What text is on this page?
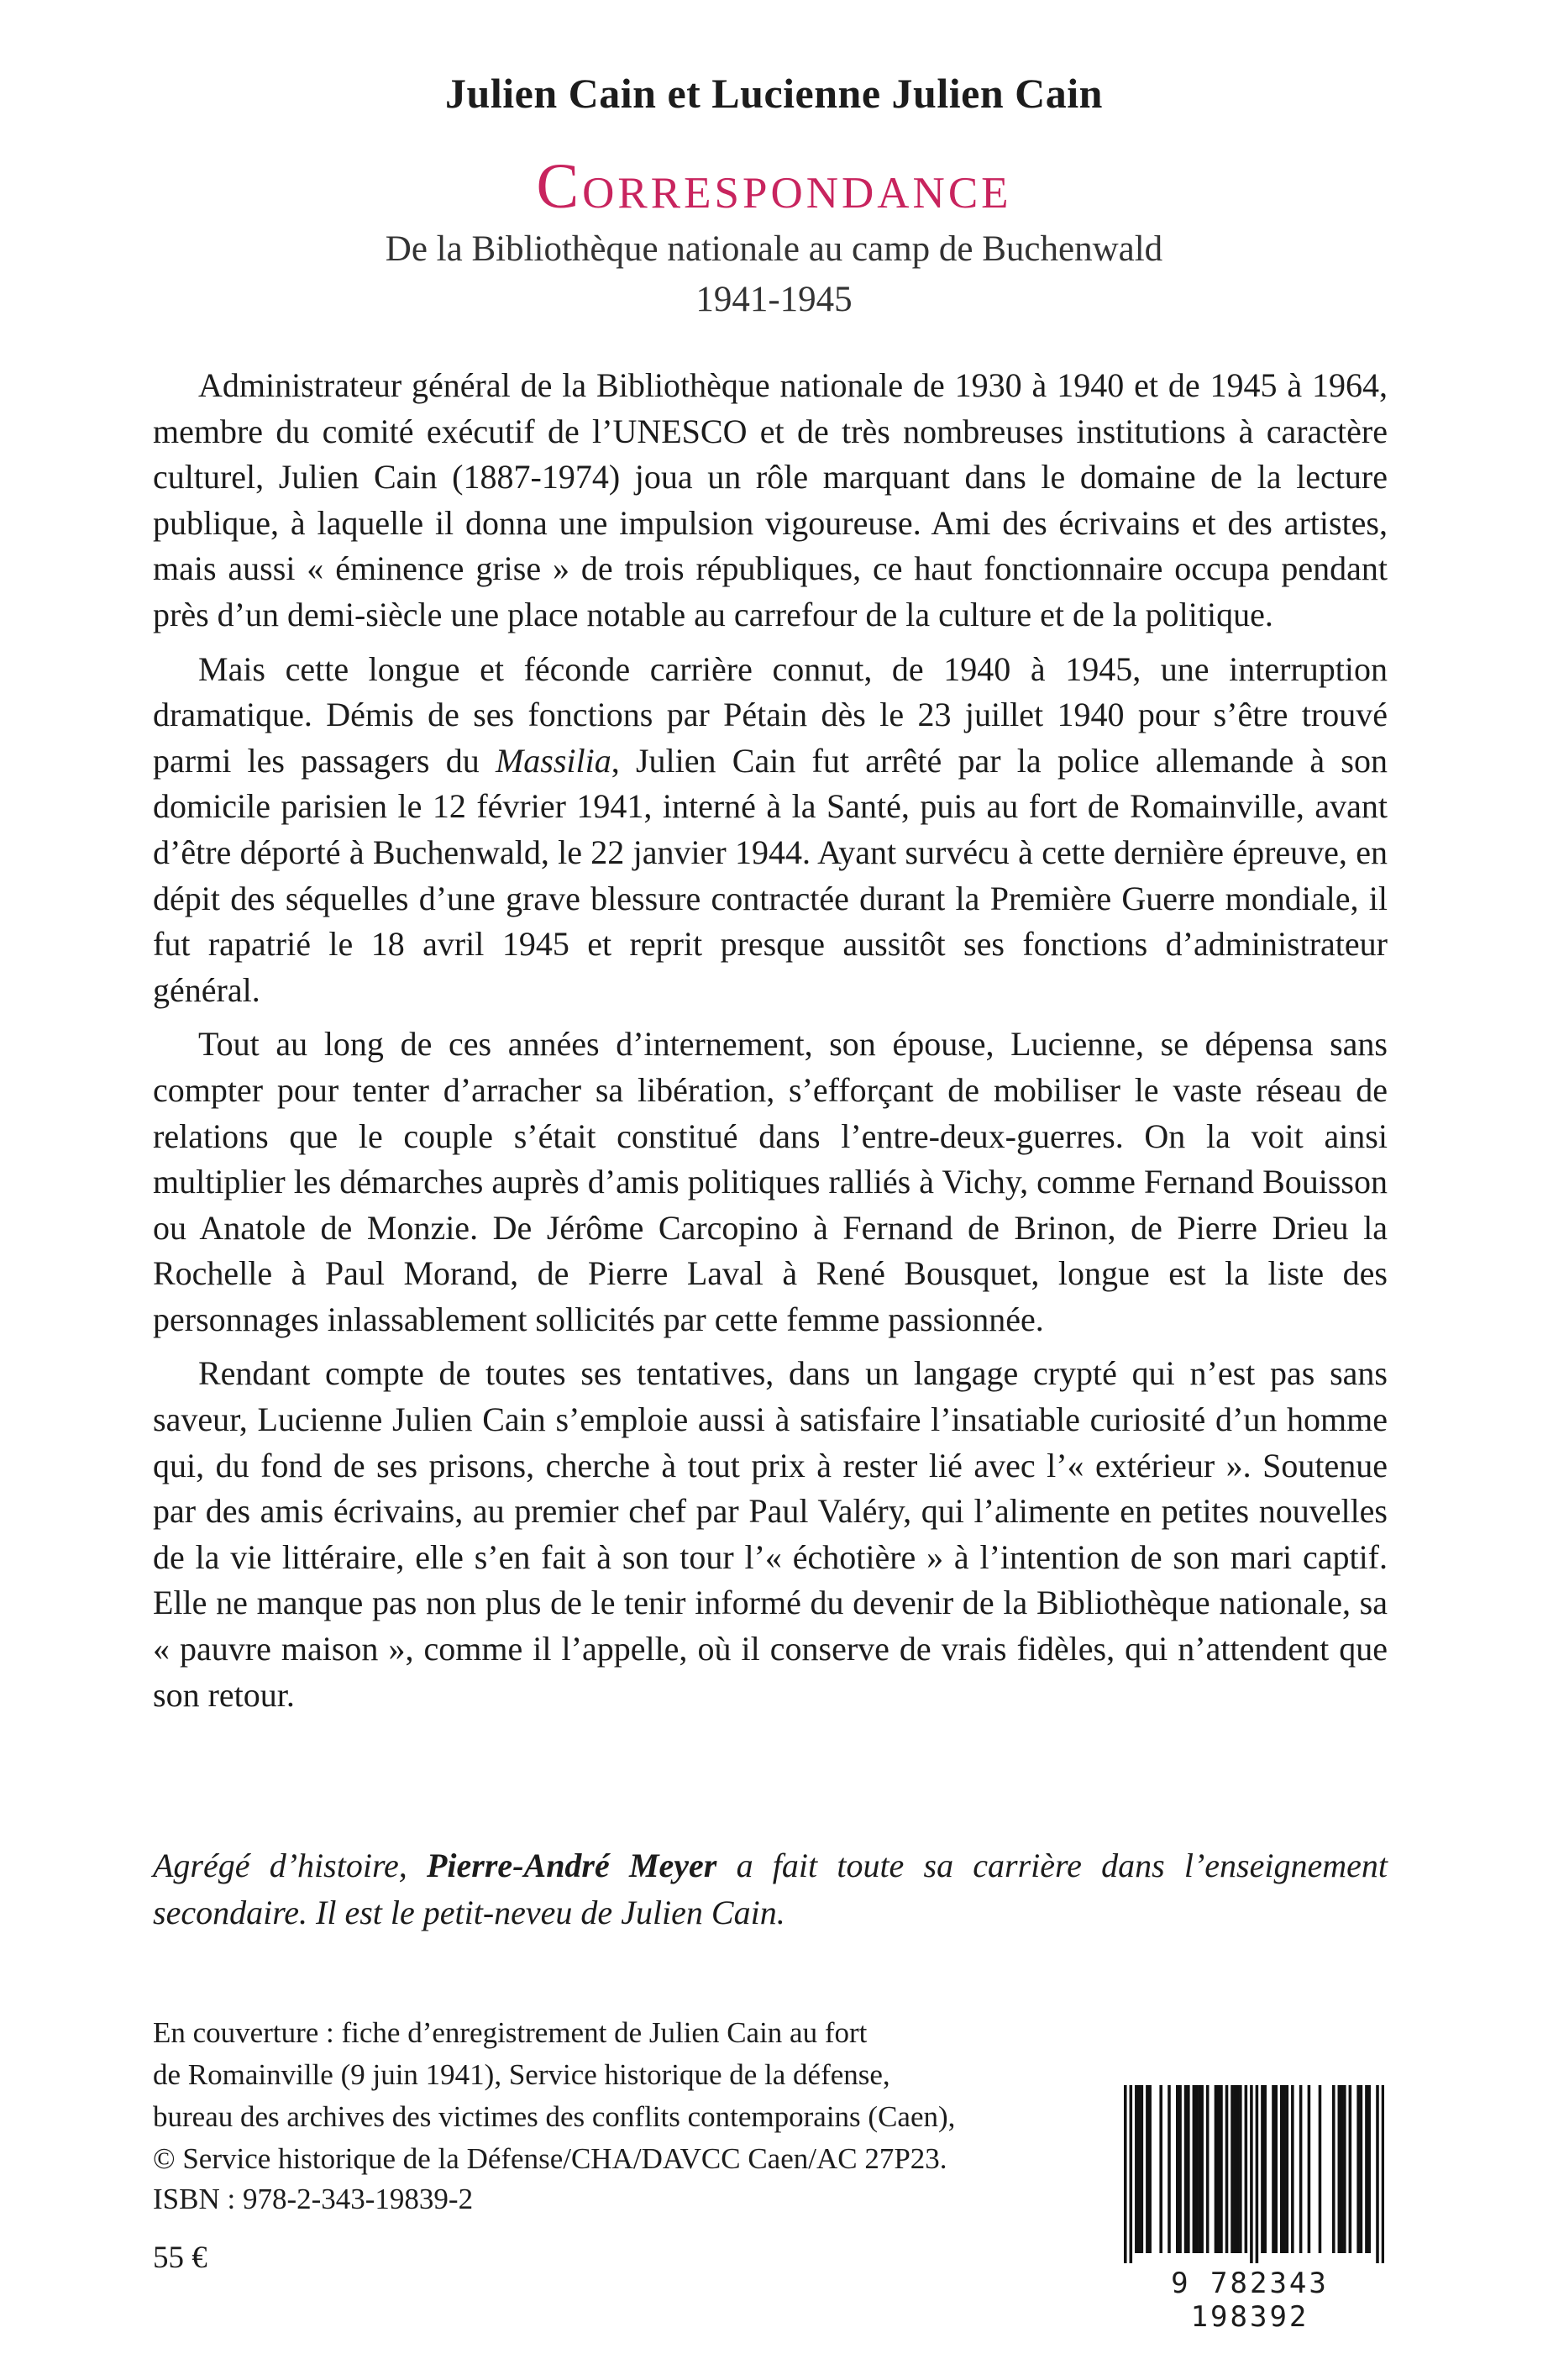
Julien Cain et Lucienne Julien Cain
Correspondance
De la Bibliothèque nationale au camp de Buchenwald
1941-1945

Administrateur général de la Bibliothèque nationale de 1930 à 1940 et de 1945 à 1964, membre du comité exécutif de l’UNESCO et de très nombreuses institutions à caractère culturel, Julien Cain (1887-1974) joua un rôle marquant dans le domaine de la lecture publique, à laquelle il donna une impulsion vigoureuse. Ami des écrivains et des artistes, mais aussi « éminence grise » de trois républiques, ce haut fonctionnaire occupa pendant près d’un demi-siècle une place notable au carrefour de la culture et de la politique.

Mais cette longue et féconde carrière connut, de 1940 à 1945, une interruption dramatique. Démis de ses fonctions par Pétain dès le 23 juillet 1940 pour s’être trouvé parmi les passagers du Massilia, Julien Cain fut arrêté par la police allemande à son domicile parisien le 12 février 1941, interné à la Santé, puis au fort de Romainville, avant d’être déporté à Buchenwald, le 22 janvier 1944. Ayant survécu à cette dernière épreuve, en dépit des séquelles d’une grave blessure contractée durant la Première Guerre mondiale, il fut rapatrié le 18 avril 1945 et reprit presque aussitôt ses fonctions d’administrateur général.

Tout au long de ces années d’internement, son épouse, Lucienne, se dépensa sans compter pour tenter d’arracher sa libération, s’efforçant de mobiliser le vaste réseau de relations que le couple s’était constitué dans l’entre-deux-guerres. On la voit ainsi multiplier les démarches auprès d’amis politiques ralliés à Vichy, comme Fernand Bouisson ou Anatole de Monzie. De Jérôme Carcopino à Fernand de Brinon, de Pierre Drieu la Rochelle à Paul Morand, de Pierre Laval à René Bousquet, longue est la liste des personnages inlassablement sollicités par cette femme passionnée.

Rendant compte de toutes ses tentatives, dans un langage crypté qui n’est pas sans saveur, Lucienne Julien Cain s’emploie aussi à satisfaire l’insatiable curiosité d’un homme qui, du fond de ses prisons, cherche à tout prix à rester lié avec l’« extérieur ». Soutenue par des amis écrivains, au premier chef par Paul Valéry, qui l’alimente en petites nouvelles de la vie littéraire, elle s’en fait à son tour l’« échotière » à l’intention de son mari captif. Elle ne manque pas non plus de le tenir informé du devenir de la Bibliothèque nationale, sa « pauvre maison », comme il l’appelle, où il conserve de vrais fidèles, qui n’attendent que son retour.

Agrégé d’histoire, Pierre-André Meyer a fait toute sa carrière dans l’enseignement secondaire. Il est le petit-neveu de Julien Cain.
En couverture : fiche d’enregistrement de Julien Cain au fort
de Romainville (9 juin 1941), Service historique de la défense,
bureau des archives des victimes des conflits contemporains (Caen),
© Service historique de la Défense/CHA/DAVCC Caen/AC 27P23.
ISBN : 978-2-343-19839-2
55 €
9 782343 198392
